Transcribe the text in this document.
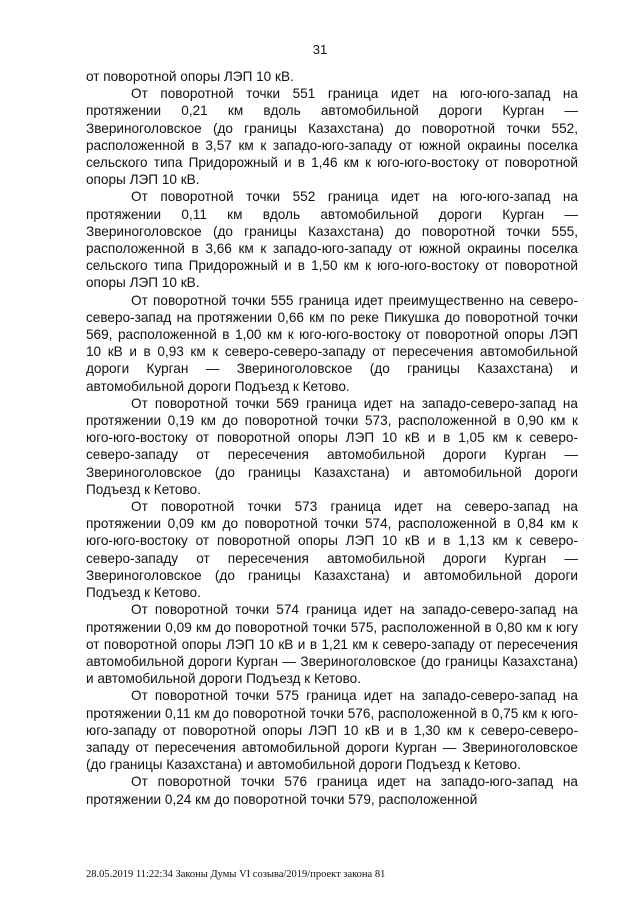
31

от поворотной опоры ЛЭП 10 кВ.

От поворотной точки 551 граница идет на юго-юго-запад на протяжении 0,21 км вдоль автомобильной дороги Курган — Звериноголовское (до границы Казахстана) до поворотной точки 552, расположенной в 3,57 км к западо-юго-западу от южной окраины поселка сельского типа Придорожный и в 1,46 км к юго-юго-востоку от поворотной опоры ЛЭП 10 кВ.

От поворотной точки 552 граница идет на юго-юго-запад на протяжении 0,11 км вдоль автомобильной дороги Курган — Звериноголовское (до границы Казахстана) до поворотной точки 555, расположенной в 3,66 км к западо-юго-западу от южной окраины поселка сельского типа Придорожный и в 1,50 км к юго-юго-востоку от поворотной опоры ЛЭП 10 кВ.

От поворотной точки 555 граница идет преимущественно на северо-северо-запад на протяжении 0,66 км по реке Пикушка до поворотной точки 569, расположенной в 1,00 км к юго-юго-востоку от поворотной опоры ЛЭП 10 кВ и в 0,93 км к северо-северо-западу от пересечения автомобильной дороги Курган — Звериноголовское (до границы Казахстана) и автомобильной дороги Подъезд к Кетово.

От поворотной точки 569 граница идет на западо-северо-запад на протяжении 0,19 км до поворотной точки 573, расположенной в 0,90 км к юго-юго-востоку от поворотной опоры ЛЭП 10 кВ и в 1,05 км к северо-северо-западу от пересечения автомобильной дороги Курган — Звериноголовское (до границы Казахстана) и автомобильной дороги Подъезд к Кетово.

От поворотной точки 573 граница идет на северо-запад на протяжении 0,09 км до поворотной точки 574, расположенной в 0,84 км к юго-юго-востоку от поворотной опоры ЛЭП 10 кВ и в 1,13 км к северо-северо-западу от пересечения автомобильной дороги Курган — Звериноголовское (до границы Казахстана) и автомобильной дороги Подъезд к Кетово.

От поворотной точки 574 граница идет на западо-северо-запад на протяжении 0,09 км до поворотной точки 575, расположенной в 0,80 км к югу от поворотной опоры ЛЭП 10 кВ и в 1,21 км к северо-западу от пересечения автомобильной дороги Курган — Звериноголовское (до границы Казахстана) и автомобильной дороги Подъезд к Кетово.

От поворотной точки 575 граница идет на западо-северо-запад на протяжении 0,11 км до поворотной точки 576, расположенной в 0,75 км к юго-юго-западу от поворотной опоры ЛЭП 10 кВ и в 1,30 км к северо-северо-западу от пересечения автомобильной дороги Курган — Звериноголовское (до границы Казахстана) и автомобильной дороги Подъезд к Кетово.

От поворотной точки 576 граница идет на западо-юго-запад на протяжении 0,24 км до поворотной точки 579, расположенной

28.05.2019 11:22:34 Законы Думы VI созыва/2019/проект закона 81
